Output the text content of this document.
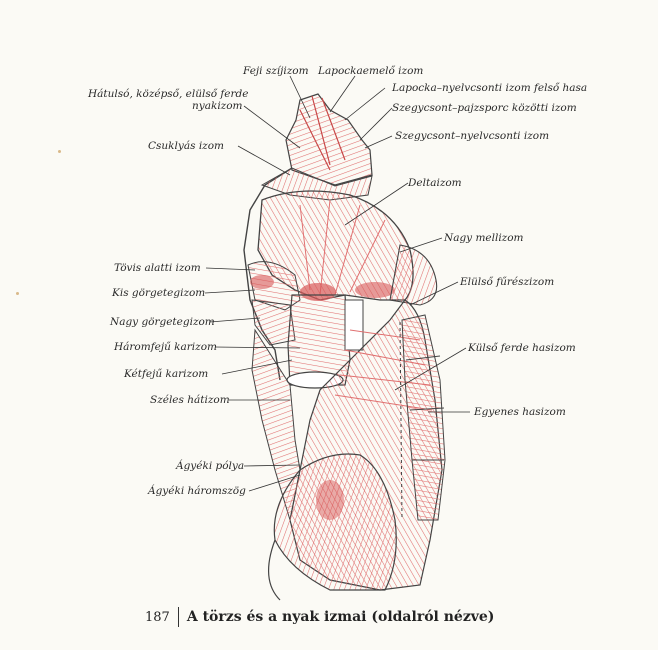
Feji szíjizom Lapockaemelő izom
Lapocka–nyelvcsonti izom felső hasa
Hátulsó, középső, elülső ferde
nyakizom	Szegycsont–pajzsporc közötti izom
Csuklyás izom
Szegycsont–nyelvcsonti izom
Deltaizom
Nagy mellizom
Tövis alatti izom
Elülső fűrészizom
Kis görgetegizom
Nagy görgetegizom
Külső ferde hasizom
Háromfejű karizom
Kétfejű karizom
Széles hátizom
Egyenes hasizom
Ágyéki pólya
Ágyéki háromszög
187 A törzs és a nyak izmai (oldalról nézve)
